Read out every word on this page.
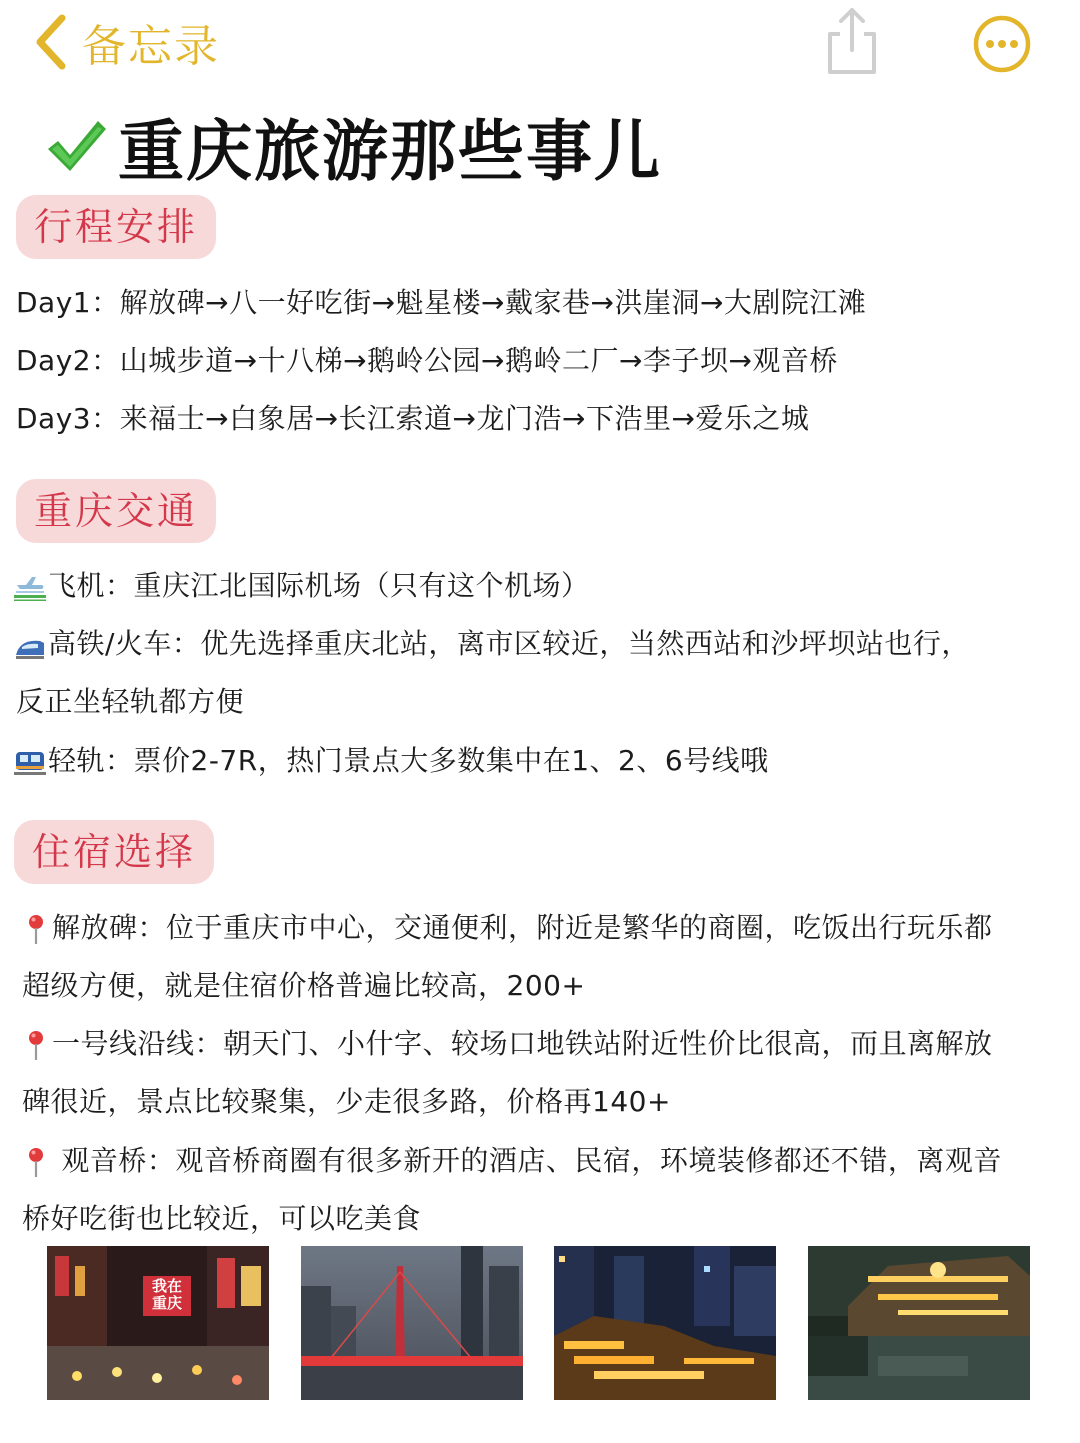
备忘录
重庆旅游那些事儿
行程安排
Day1：解放碑→八一好吃街→魁星楼→戴家巷→洪崖洞→大剧院江滩
Day2：山城步道→十八梯→鹅岭公园→鹅岭二厂→李子坝→观音桥
Day3：来福士→白象居→长江索道→龙门浩→下浩里→爱乐之城
重庆交通
飞机：重庆江北国际机场（只有这个机场）
高铁/火车：优先选择重庆北站，离市区较近，当然西站和沙坪坝站也行，
反正坐轻轨都方便
轻轨：票价2-7R，热门景点大多数集中在1、2、6号线哦
住宿选择
解放碑：位于重庆市中心，交通便利，附近是繁华的商圈，吃饭出行玩乐都
超级方便，就是住宿价格普遍比较高，200+
一号线沿线：朝天门、小什字、较场口地铁站附近性价比很高，而且离解放
碑很近，景点比较聚集，少走很多路，价格再140+
观音桥：观音桥商圈有很多新开的酒店、民宿，环境装修都还不错，离观音
桥好吃街也比较近，可以吃美食
我在重庆
